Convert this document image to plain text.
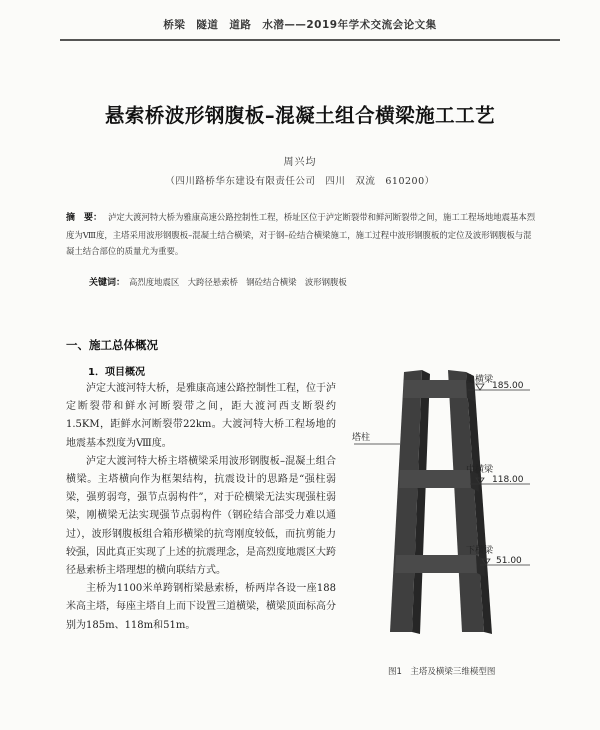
桥梁　隧道　道路　水潜——2019年学术交流会论文集
悬索桥波形钢腹板–混凝土组合横梁施工工艺
周兴均
（四川路桥华东建设有限责任公司　四川　双流　610200）
摘　要： 泸定大渡河特大桥为雅康高速公路控制性工程，桥址区位于泸定断裂带和鲜河断裂带之间，施工工程场地地震基本烈度为Ⅷ度，主塔采用波形钢腹板–混凝土结合横梁，对于钢–砼结合横梁施工，施工过程中波形钢腹板的定位及波形钢腹板与混凝土结合部位的质量尤为重要。
关键词： 高烈度地震区　大跨径悬索桥　钢砼结合横梁　波形钢腹板
一、施工总体概况
1．项目概况

泸定大渡河特大桥，是雅康高速公路控制性工程，位于泸定断裂带和鲜水河断裂带之间，距大渡河西支断裂约1.5KM，距鲜水河断裂带22km。大渡河特大桥工程场地的地震基本烈度为Ⅷ度。

泸定大渡河特大桥主塔横梁采用波形钢腹板–混凝土组合横梁。主塔横向作为框架结构，抗震设计的思路是“强柱弱梁，强剪弱弯，强节点弱构件”，对于砼横梁无法实现强柱弱梁，刚横梁无法实现强节点弱构件（钢砼结合部受力难以通过），波形钢腹板组合箱形横梁的抗弯刚度较低，而抗剪能力较强，因此真正实现了上述的抗震理念，是高烈度地震区大跨径悬索桥主塔理想的横向联结方式。

主桥为1100米单跨钢桁梁悬索桥，桥两岸各设一座188米高主塔，每座主塔自上而下设置三道横梁，横梁顶面标高分别为185m、118m和51m。

上横梁
185.00
中横梁
118.00
下横梁
51.00
塔柱
图1　主塔及横梁三维模型图
